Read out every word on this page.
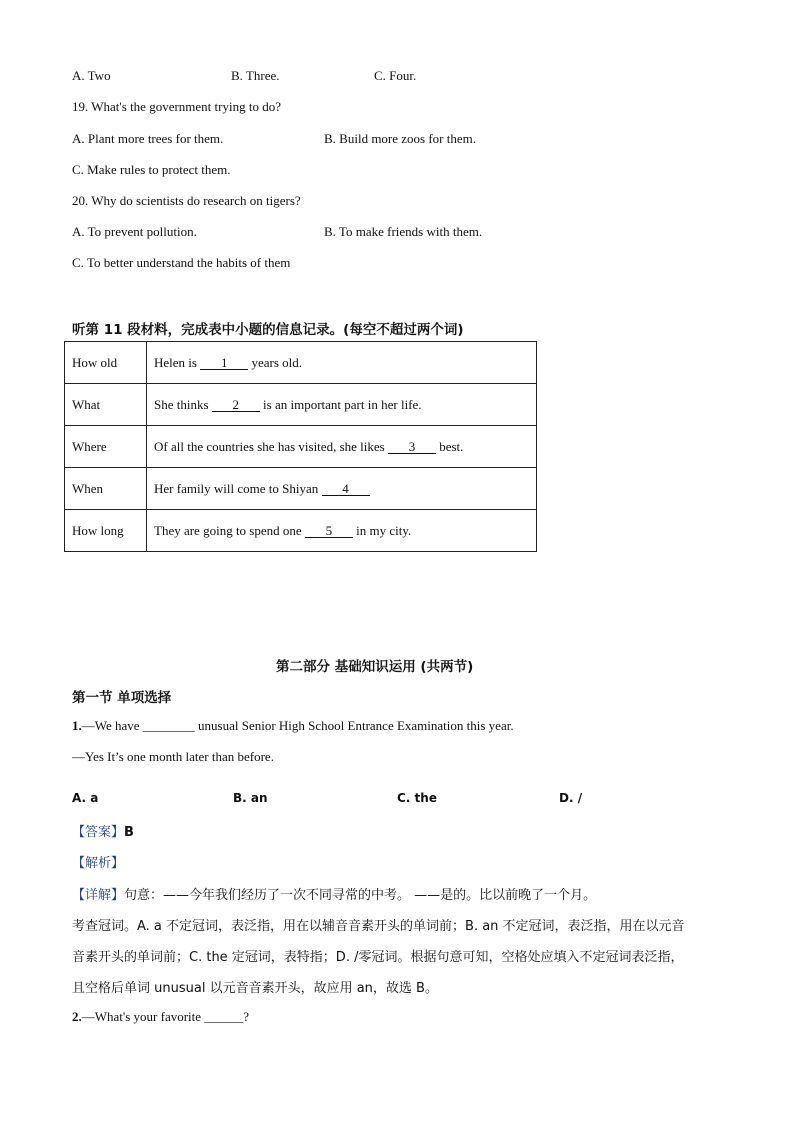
A. Two	B. Three.	C. Four.
19. What's the government trying to do?
A. Plant more trees for them.	B. Build more zoos for them.
C. Make rules to protect them.
20. Why do scientists do research on tigers?
A. To prevent pollution.	B. To make friends with them.
C. To better understand the habits of them
听第 11 段材料，完成表中小题的信息记录。(每空不超过两个词)
How old	Helen is 1 years old.
What	She thinks 2 is an important part in her life.
Where	Of all the countries she has visited, she likes 3 best.
When	Her family will come to Shiyan 4
How long	They are going to spend one 5 in my city.
第二部分 基础知识运用 (共两节)
第一节 单项选择
1.—We have ________ unusual Senior High School Entrance Examination this year.
—Yes It’s one month later than before.
A. a	B. an	C. the	D. /
【答案】B
【解析】
【详解】句意：——今年我们经历了一次不同寻常的中考。 ——是的。比以前晚了一个月。
考查冠词。A. a 不定冠词，表泛指，用在以辅音音素开头的单词前；B. an 不定冠词，表泛指，用在以元音
音素开头的单词前；C. the 定冠词，表特指；D. /零冠词。根据句意可知，空格处应填入不定冠词表泛指，
且空格后单词 unusual 以元音音素开头，故应用 an，故选 B。
2.—What's your favorite ______?
